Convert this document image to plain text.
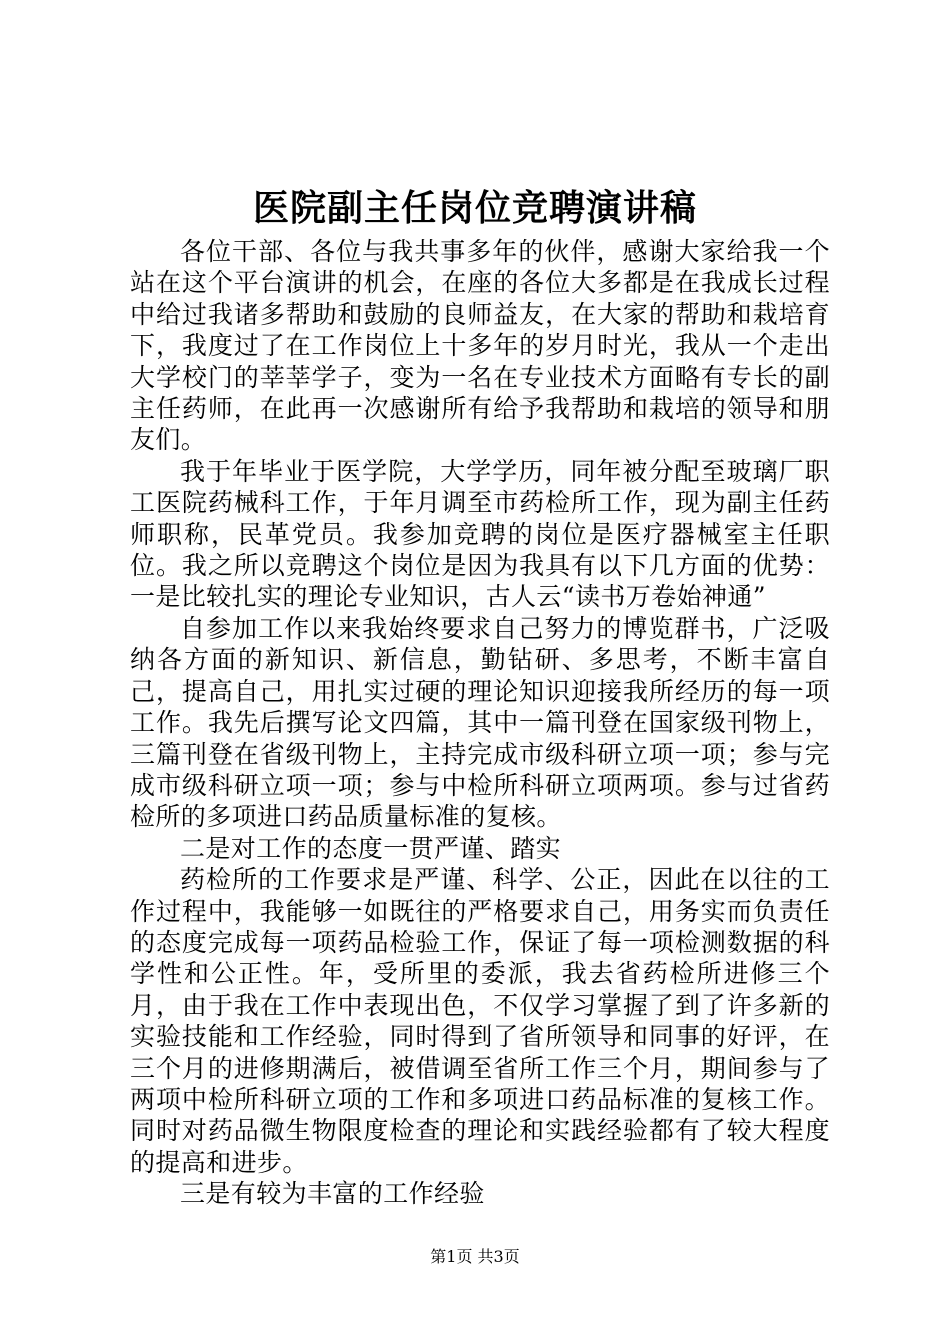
医院副主任岗位竞聘演讲稿

各位干部、各位与我共事多年的伙伴，感谢大家给我一个站在这个平台演讲的机会，在座的各位大多都是在我成长过程中给过我诸多帮助和鼓励的良师益友，在大家的帮助和栽培育下，我度过了在工作岗位上十多年的岁月时光，我从一个走出大学校门的莘莘学子，变为一名在专业技术方面略有专长的副主任药师，在此再一次感谢所有给予我帮助和栽培的领导和朋友们。

我于年毕业于医学院，大学学历，同年被分配至玻璃厂职工医院药械科工作，于年月调至市药检所工作，现为副主任药师职称，民革党员。我参加竞聘的岗位是医疗器械室主任职位。我之所以竞聘这个岗位是因为我具有以下几方面的优势：一是比较扎实的理论专业知识，古人云“读书万卷始神通”

自参加工作以来我始终要求自己努力的博览群书，广泛吸纳各方面的新知识、新信息，勤钻研、多思考，不断丰富自己，提高自己，用扎实过硬的理论知识迎接我所经历的每一项工作。我先后撰写论文四篇，其中一篇刊登在国家级刊物上，三篇刊登在省级刊物上，主持完成市级科研立项一项；参与完成市级科研立项一项；参与中检所科研立项两项。参与过省药检所的多项进口药品质量标准的复核。

二是对工作的态度一贯严谨、踏实

药检所的工作要求是严谨、科学、公正，因此在以往的工作过程中，我能够一如既往的严格要求自己，用务实而负责任的态度完成每一项药品检验工作，保证了每一项检测数据的科学性和公正性。年，受所里的委派，我去省药检所进修三个月，由于我在工作中表现出色，不仅学习掌握了到了许多新的实验技能和工作经验，同时得到了省所领导和同事的好评，在三个月的进修期满后，被借调至省所工作三个月，期间参与了两项中检所科研立项的工作和多项进口药品标准的复核工作。同时对药品微生物限度检查的理论和实践经验都有了较大程度的提高和进步。

三是有较为丰富的工作经验

第1页 共3页
